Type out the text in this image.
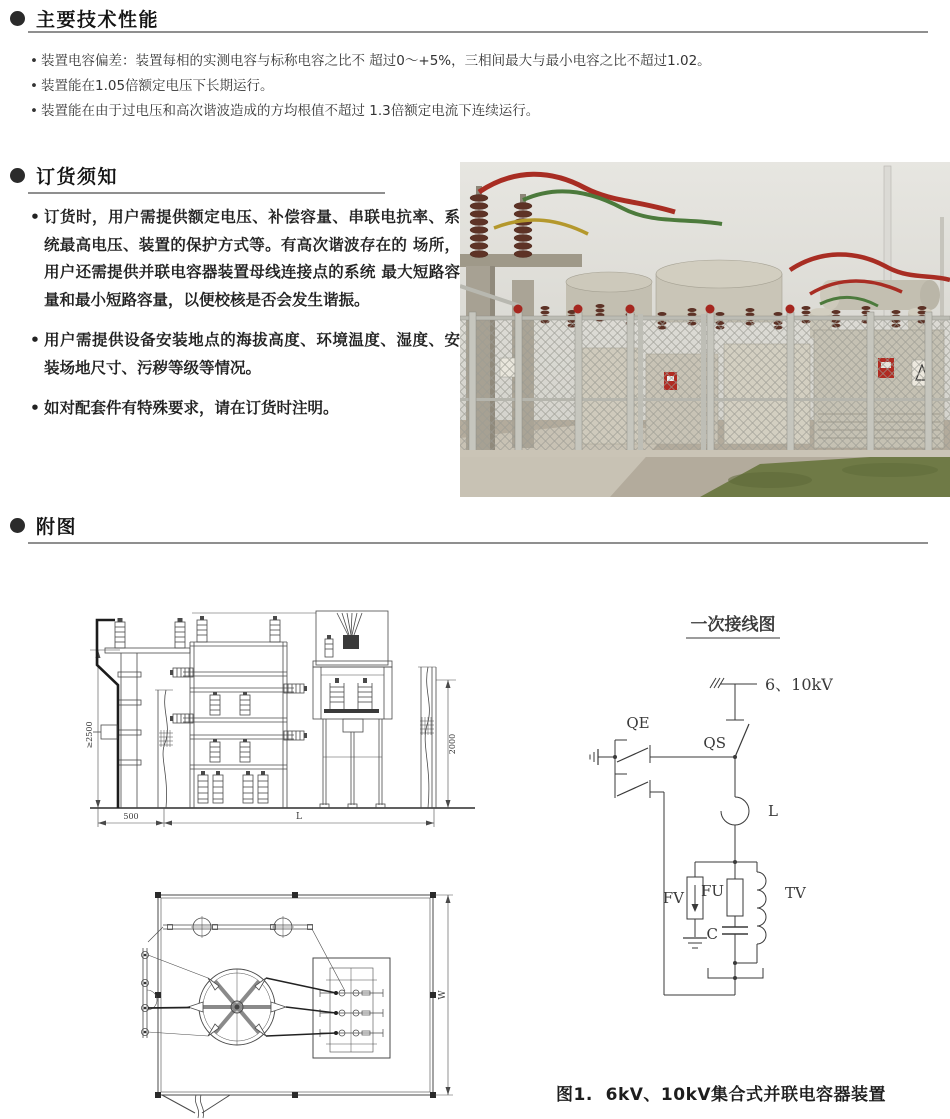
主要技术性能
• 装置电容偏差：装置每相的实测电容与标称电容之比不 超过0～+5%，三相间最大与最小电容之比不超过1.02。
• 装置能在1.05倍额定电压下长期运行。
• 装置能在由于过电压和高次谐波造成的方均根值不超过 1.3倍额定电流下连续运行。
订货须知
• 订货时，用户需提供额定电压、补偿容量、串联电抗率、系统最高电压、装置的保护方式等。有高次谐波存在的 场所，用户还需提供并联电容器装置母线连接点的系统 最大短路容量和最小短路容量，以便校核是否会发生谐振。
• 用户需提供设备安装地点的海拔高度、环境温度、湿度、安装场地尺寸、污秽等级等情况。
• 如对配套件有特殊要求，请在订货时注明。
附图
≥2500	2000
500	L
W
一次接线图
6、10kV
QS
QE
L
FV FU
C
TV
图1.  6kV、10kV集合式并联电容器装置
